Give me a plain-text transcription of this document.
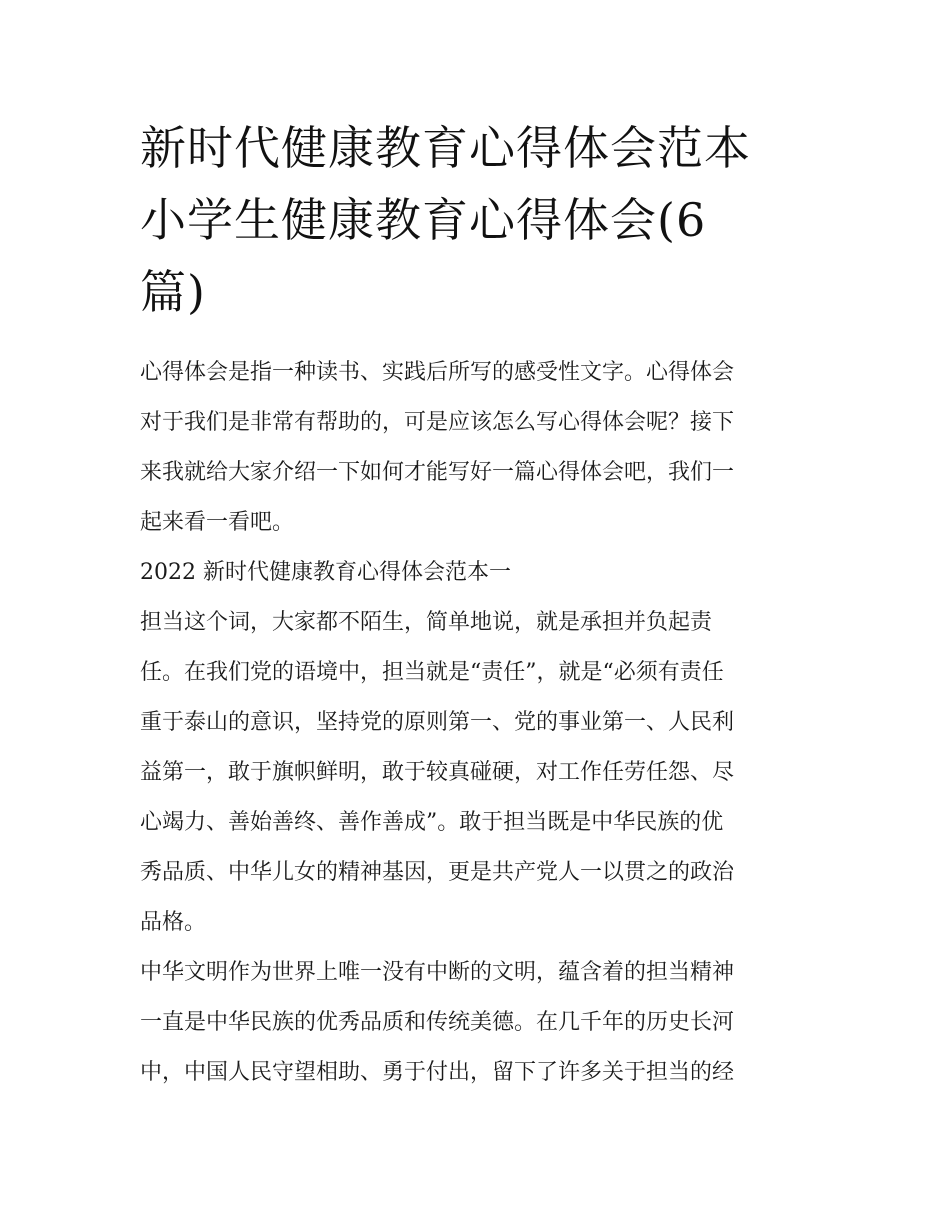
新时代健康教育心得体会范本
小学生健康教育心得体会(6
篇)

心得体会是指一种读书、实践后所写的感受性文字。心得体会
对于我们是非常有帮助的，可是应该怎么写心得体会呢？接下
来我就给大家介绍一下如何才能写好一篇心得体会吧，我们一
起来看一看吧。

2022 新时代健康教育心得体会范本一

担当这个词，大家都不陌生，简单地说，就是承担并负起责
任。在我们党的语境中，担当就是“责任”，就是“必须有责任
重于泰山的意识，坚持党的原则第一、党的事业第一、人民利
益第一，敢于旗帜鲜明，敢于较真碰硬，对工作任劳任怨、尽
心竭力、善始善终、善作善成”。敢于担当既是中华民族的优
秀品质、中华儿女的精神基因，更是共产党人一以贯之的政治
品格。

中华文明作为世界上唯一没有中断的文明，蕴含着的担当精神
一直是中华民族的优秀品质和传统美德。在几千年的历史长河
中，中国人民守望相助、勇于付出，留下了许多关于担当的经
